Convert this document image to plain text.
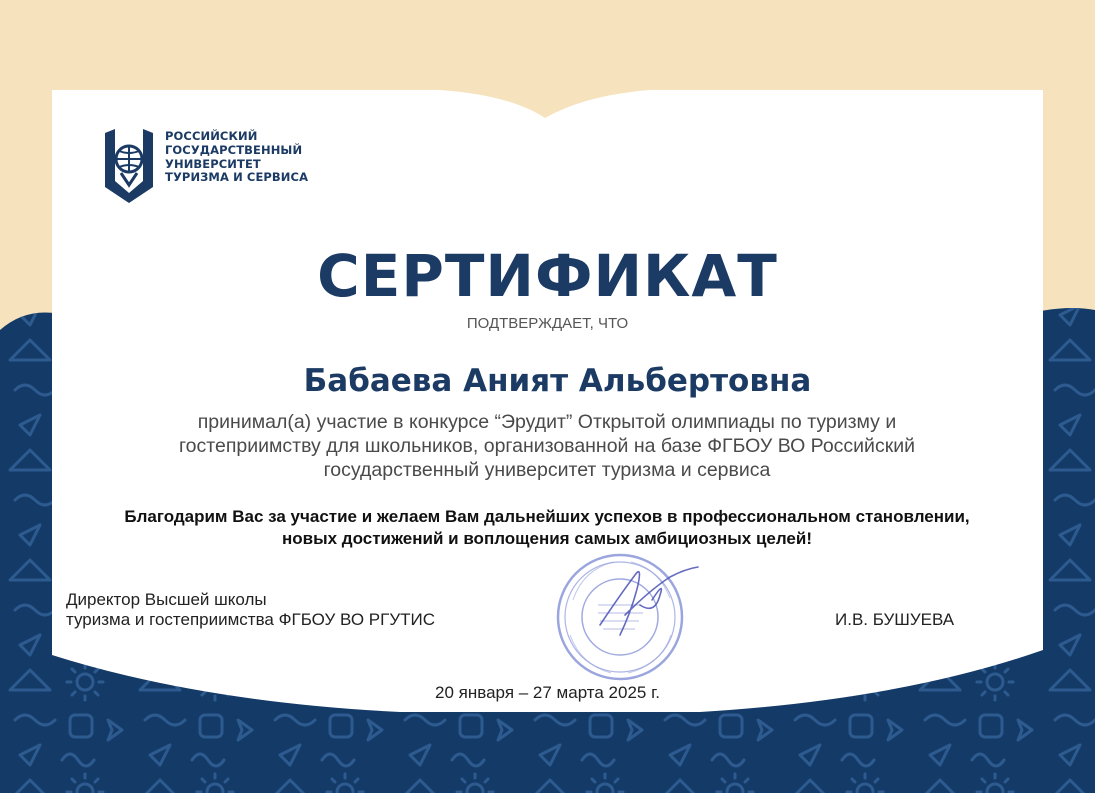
РОССИЙСКИЙ
ГОСУДАРСТВЕННЫЙ
УНИВЕРСИТЕТ
ТУРИЗМА И СЕРВИСА
СЕРТИФИКАТ
ПОДТВЕРЖДАЕТ, ЧТО
Бабаева Аният Альбертовна
принимал(а) участие в конкурсе “Эрудит” Открытой олимпиады по туризму и
гостеприимству для школьников, организованной на базе ФГБОУ ВО Российский
государственный университет туризма и сервиса
Благодарим Вас за участие и желаем Вам дальнейших успехов в профессиональном становлении,
новых достижений и воплощения самых амбициозных целей!
Директор Высшей школы
туризма и гостеприимства ФГБОУ ВО РГУТИС	И.В. БУШУЕВА
20 января – 27 марта 2025 г.
